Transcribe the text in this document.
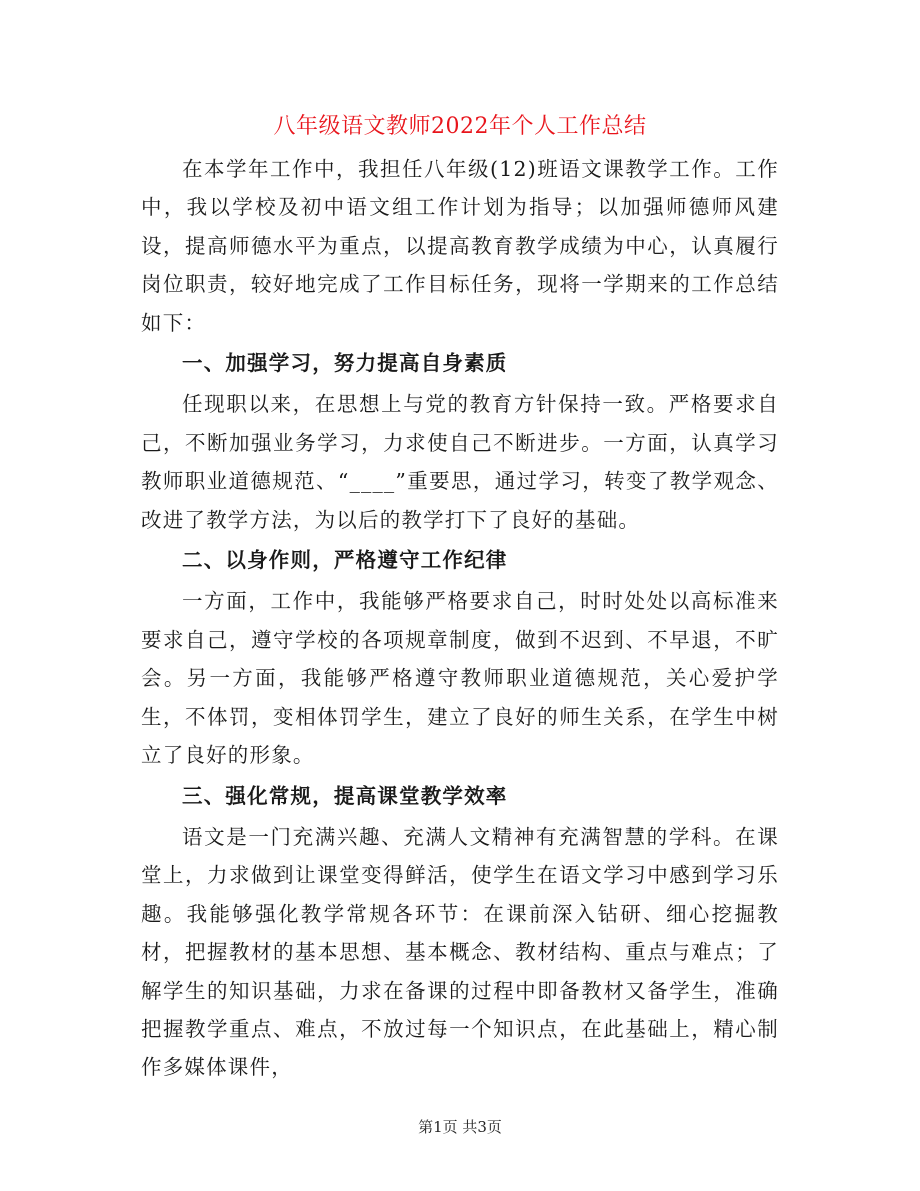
八年级语文教师2022年个人工作总结

在本学年工作中，我担任八年级(12)班语文课教学工作。工作中，我以学校及初中语文组工作计划为指导；以加强师德师风建设，提高师德水平为重点，以提高教育教学成绩为中心，认真履行岗位职责，较好地完成了工作目标任务，现将一学期来的工作总结如下：

一、加强学习，努力提高自身素质

任现职以来，在思想上与党的教育方针保持一致。严格要求自己，不断加强业务学习，力求使自己不断进步。一方面，认真学习教师职业道德规范、“____”重要思，通过学习，转变了教学观念、改进了教学方法，为以后的教学打下了良好的基础。

二、以身作则，严格遵守工作纪律

一方面，工作中，我能够严格要求自己，时时处处以高标准来要求自己，遵守学校的各项规章制度，做到不迟到、不早退，不旷会。另一方面，我能够严格遵守教师职业道德规范，关心爱护学生，不体罚，变相体罚学生，建立了良好的师生关系，在学生中树立了良好的形象。

三、强化常规，提高课堂教学效率

语文是一门充满兴趣、充满人文精神有充满智慧的学科。在课堂上，力求做到让课堂变得鲜活，使学生在语文学习中感到学习乐趣。我能够强化教学常规各环节：在课前深入钻研、细心挖掘教材，把握教材的基本思想、基本概念、教材结构、重点与难点；了解学生的知识基础，力求在备课的过程中即备教材又备学生，准确把握教学重点、难点，不放过每一个知识点，在此基础上，精心制作多媒体课件，

第1页 共3页
